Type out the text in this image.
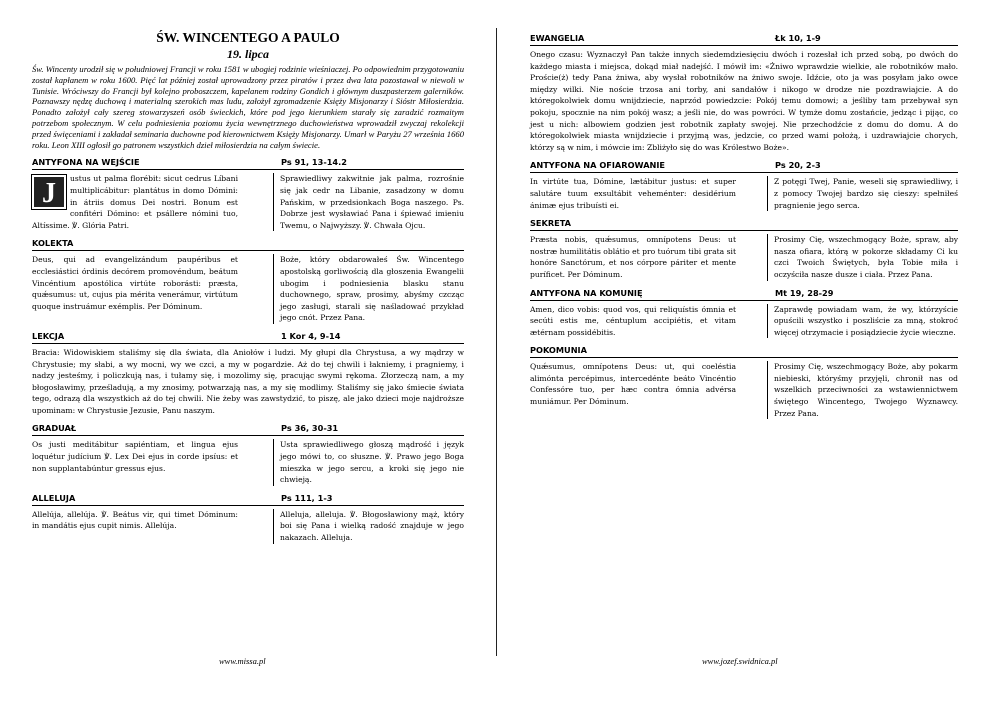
ŚW. WINCENTEGO A PAULO
19. lipca

Św. Wincenty urodził się w południowej Francji w roku 1581 w ubogiej rodzinie wieśniaczej. Po odpowiednim przygotowaniu został kapłanem w roku 1600. Pięć lat później został uprowadzony przez piratów i przez dwa lata pozostawał w niewoli w Tunisie. Wróciwszy do Francji był kolejno proboszczem, kapelanem rodziny Gondich i głównym duszpasterzem galerników. Poznawszy nędzę duchową i materialną szerokich mas ludu, założył zgromadzenie Księży Misjonarzy i Sióstr Miłosierdzia. Ponadto założył cały szereg stowarzyszeń osób świeckich, które pod jego kierunkiem starały się zaradzić rozmaitym potrzebom społecznym. W celu podniesienia poziomu życia wewnętrznego duchowieństwa wprowadził zwyczaj rekolekcji przed święceniami i zakładał seminaria duchowne pod kierownictwem Księży Misjonarzy. Umarł w Paryżu 27 września 1660 roku. Leon XIII ogłosił go patronem wszystkich dzieł miłosierdzia na całym świecie.

ANTYFONA NA WEJŚCIE	Ps 91, 13-14.2
J	ustus ut palma florébit: sicut cedrus Líbani multiplicábitur: plantátus in domo Dómini: in átriis domus Dei nostri. Bonum est confitéri Dómino: et psállere nómini tuo, Altíssime. ℣. Glória Patri.

Sprawiedliwy zakwitnie jak palma, rozrośnie się jak cedr na Libanie, zasadzony w domu Pańskim, w przedsionkach Boga naszego. Ps. Dobrze jest wysławiać Pana i śpiewać imieniu Twemu, o Najwyższy. ℣. Chwała Ojcu.

KOLEKTA

Deus, qui ad evangelizándum paupéribus et ecclesiástici órdinis decórem promovéndum, beátum Vincéntium apostólica virtúte roborásti: præsta, quǽsumus: ut, cujus pia mérita venerámur, virtútum quoque instruámur exémplis. Per Dóminum.

Boże, który obdarowałeś Św. Wincentego apostolską gorliwością dla głoszenia Ewangelii ubogim i podniesienia blasku stanu duchownego, spraw, prosimy, abyśmy czcząc jego zasługi, starali się naśladować przykład jego cnót. Przez Pana.

LEKCJA	1 Kor 4, 9-14

Bracia: Widowiskiem staliśmy się dla świata, dla Aniołów i ludzi. My głupi dla Chrystusa, a wy mądrzy w Chrystusie; my słabi, a wy mocni, wy we czci, a my w pogardzie. Aż do tej chwili i łakniemy, i pragniemy, i nadzy jesteśmy, i policzkują nas, i tułamy się, i mozolimy się, pracując swymi rękoma. Złorzeczą nam, a my błogosławimy, prześladują, a my znosimy, potwarzają nas, a my się modlimy. Staliśmy się jako śmiecie świata tego, odrazą dla wszystkich aż do tej chwili. Nie żeby was zawstydzić, to piszę, ale jako dzieci moje najdroższe upominam: w Chrystusie Jezusie, Panu naszym.

GRADUAŁ	Ps 36, 30-31

Os justi meditábitur sapiéntiam, et lingua ejus loquétur judícium ℣. Lex Dei ejus in corde ipsíus: et non supplantabúntur gressus ejus.

Usta sprawiedliwego głoszą mądrość i język jego mówi to, co słuszne. ℣. Prawo jego Boga mieszka w jego sercu, a kroki się jego nie chwieją.

ALLELUJA	Ps 111, 1-3

Allelúja, allelúja. ℣. Beátus vir, qui timet Dóminum: in mandátis ejus cupit nimis. Allelúja.

Alleluja, alleluja. ℣. Błogosławiony mąż, który boi się Pana i wielką radość znajduje w jego nakazach. Alleluja.

EWANGELIA	Łk 10, 1-9

Onego czasu: Wyznaczył Pan także innych siedemdziesięciu dwóch i rozesłał ich przed sobą, po dwóch do każdego miasta i miejsca, dokąd miał nadejść. I mówił im: «Żniwo wprawdzie wielkie, ale robotników mało. Proście(ż) tedy Pana żniwa, aby wysłał robotników na żniwo swoje. Idźcie, oto ja was posyłam jako owce między wilki. Nie noście trzosa ani torby, ani sandałów i nikogo w drodze nie pozdrawiajcie. A do któregokolwiek domu wnijdziecie, naprzód powiedzcie: Pokój temu domowi; a jeśliby tam przebywał syn pokoju, spocznie na nim pokój wasz; a jeśli nie, do was powróci. W tymże domu zostańcie, jedząc i pijąc, co jest u nich: albowiem godzien jest robotnik zapłaty swojej. Nie przechodźcie z domu do domu. A do któregokolwiek miasta wnijdziecie i przyjmą was, jedzcie, co przed wami położą, i uzdrawiajcie chorych, którzy są w nim, i mówcie im: Zbliżyło się do was Królestwo Boże».

ANTYFONA NA OFIAROWANIE	Ps 20, 2-3

In virtúte tua, Dómine, lætábitur justus: et super salutáre tuum exsultábit veheménter: desidérium ánimæ ejus tribuísti ei.

Z potęgi Twej, Panie, weseli się sprawiedliwy, i z pomocy Twojej bardzo się cieszy: spełniłeś pragnienie jego serca.

SEKRETA

Præsta nobis, quǽsumus, omnípotens Deus: ut nostræ humilitátis oblátio et pro tuórum tibi grata sit honóre Sanctórum, et nos córpore páriter et mente puríficet. Per Dóminum.

Prosimy Cię, wszechmogący Boże, spraw, aby nasza ofiara, którą w pokorze składamy Ci ku czci Twoich Świętych, była Tobie miła i oczyściła nasze dusze i ciała. Przez Pana.

ANTYFONA NA KOMUNIĘ	Mt 19, 28-29

Amen, dico vobis: quod vos, qui reliquístis ómnia et secúti estis me, céntuplum accipiétis, et vitam ætérnam possidébitis.

Zaprawdę powiadam wam, że wy, którzyście opuścili wszystko i poszliście za mną, stokroć więcej otrzymacie i posiądziecie życie wieczne.

POKOMUNIA

Quǽsumus, omnípotens Deus: ut, qui coeléstia alimónta percépimus, intercedénte beáto Vincéntio Confessóre tuo, per hæc contra ómnia advérsa muniámur. Per Dóminum.

Prosimy Cię, wszechmogący Boże, aby pokarm niebieski, któryśmy przyjęli, chronił nas od wszelkich przeciwności za wstawiennictwem świętego Wincentego, Twojego Wyznawcy. Przez Pana.

www.missa.pl	www.jozef.swidnica.pl
